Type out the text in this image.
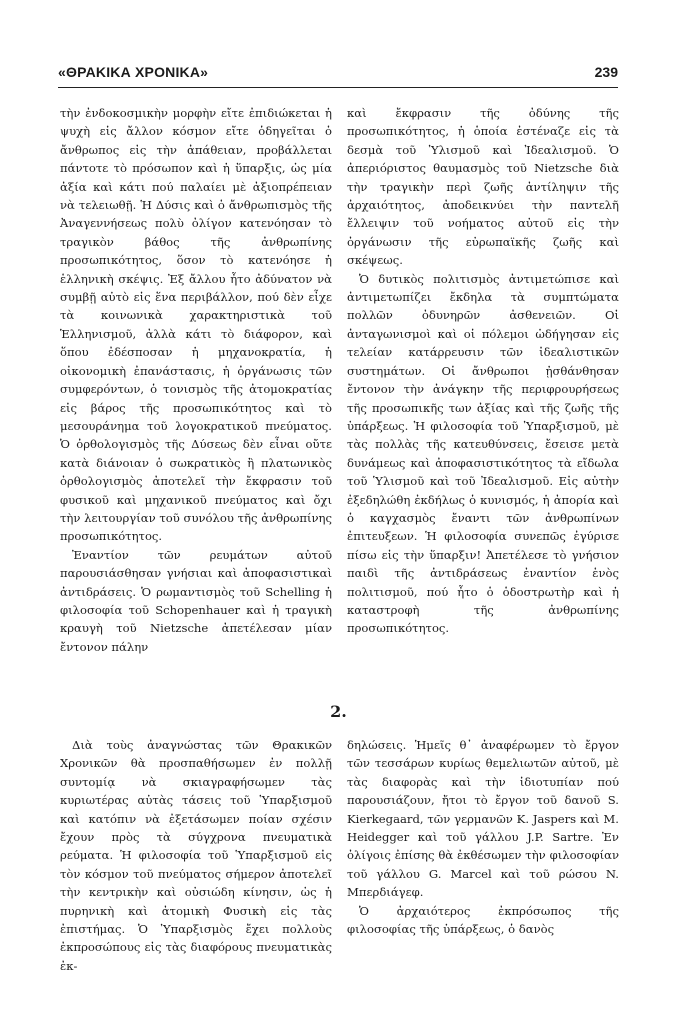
«ΘΡΑΚΙΚΑ ΧΡΟΝΙΚΑ»	239

τὴν ἐνδοκοσμικὴν μορφὴν εἴτε ἐπιδιώκεται ἡ ψυχὴ εἰς ἄλλον κόσμον εἴτε ὁδηγεῖται ὁ ἄνθρωπος εἰς τὴν ἀπάθειαν, προβάλλεται πάντοτε τὸ πρόσωπον καὶ ἡ ὕπαρξις, ὡς μία ἀξία καὶ κάτι πού παλαίει μὲ ἀξιοπρέπειαν νὰ τελειωθῇ. Ἡ Δύσις καὶ ὁ ἄνθρωπισμὸς τῆς Ἀναγεννήσεως πολὺ ὀλίγον κατενόησαν τὸ τραγικὸν βάθος τῆς ἀνθρωπίνης προσωπικότητος, ὅσον τὸ κατενόησε ἡ ἑλληνικὴ σκέψις. Ἐξ ἄλλου ἦτο ἀδύνατον νὰ συμβῇ αὐτὸ εἰς ἕνα περιβάλλον, πού δὲν εἶχε τὰ κοινωνικὰ χαρακτηριστικὰ τοῦ Ἑλληνισμοῦ, ἀλλὰ κάτι τὸ διάφορον, καὶ ὅπου ἐδέσποσαν ἡ μηχανοκρατία, ἡ οἰκονομικὴ ἐπανάστασις, ἡ ὀργάνωσις τῶν συμφερόντων, ὁ τονισμὸς τῆς ἀτομοκρατίας εἰς βάρος τῆς προσωπικότητος καὶ τὸ μεσουράνημα τοῦ λογοκρατικοῦ πνεύματος. Ὁ ὀρθολογισμὸς τῆς Δύσεως δὲν εἶναι οὔτε κατὰ διάνοιαν ὁ σωκρατικὸς ἢ πλατωνικὸς ὀρθολογισμὸς ἀποτελεῖ τὴν ἔκφρασιν τοῦ φυσικοῦ καὶ μηχανικοῦ πνεύματος καὶ ὄχι τὴν λειτουργίαν τοῦ συνόλου τῆς ἀνθρωπίνης προσωπικότητος.

Ἐναντίον τῶν ρευμάτων αὐτοῦ παρουσιάσθησαν γνήσιαι καὶ ἀποφασιστικαὶ ἀντιδράσεις. Ὁ ρωμαντισμὸς τοῦ Schelling ἡ φιλοσοφία τοῦ Schopenhauer καὶ ἡ τραγικὴ κραυγὴ τοῦ Nietzsche ἀπετέλεσαν μίαν ἔντονον πάλην

καὶ ἔκφρασιν τῆς ὀδύνης τῆς προσωπικότητος, ἡ ὁποία ἐστέναζε εἰς τὰ δεσμὰ τοῦ Ὑλισμοῦ καὶ Ἰδεαλισμοῦ. Ὁ ἀπεριόριστος θαυμασμὸς τοῦ Nietzsche διὰ τὴν τραγικὴν περὶ ζωῆς ἀντίληψιν τῆς ἀρχαιότητος, ἀποδεικνύει τὴν παντελῆ ἔλλειψιν τοῦ νοήματος αὐτοῦ εἰς τὴν ὀργάνωσιν τῆς εὐρωπαϊκῆς ζωῆς καὶ σκέψεως.

Ὁ δυτικὸς πολιτισμὸς ἀντιμετώπισε καὶ ἀντιμετωπίζει ἔκδηλα τὰ συμπτώματα πολλῶν ὀδυνηρῶν ἀσθενειῶν. Οἱ ἀνταγωνισμοὶ καὶ οἱ πόλεμοι ὡδήγησαν εἰς τελείαν κατάρρευσιν τῶν ἰδεαλιστικῶν συστημάτων. Οἱ ἄνθρωποι ᾐσθάνθησαν ἔντονον τὴν ἀνάγκην τῆς περιφρουρήσεως τῆς προσωπικῆς των ἀξίας καὶ τῆς ζωῆς τῆς ὑπάρξεως. Ἡ φιλοσοφία τοῦ Ὑπαρξισμοῦ, μὲ τὰς πολλὰς τῆς κατευθύνσεις, ἔσεισε μετὰ δυνάμεως καὶ ἀποφασιστικότητος τὰ εἴδωλα τοῦ Ὑλισμοῦ καὶ τοῦ Ἰδεαλισμοῦ. Εἰς αὐτὴν ἐξεδηλώθη ἐκδήλως ὁ κυνισμός, ἡ ἀπορία καὶ ὁ καγχασμὸς ἔναντι τῶν ἀνθρωπίνων ἐπιτευξεων. Ἡ φιλοσοφία συνεπῶς ἐγύρισε πίσω εἰς τὴν ὕπαρξιν! Ἀπετέλεσε τὸ γνήσιον παιδὶ τῆς ἀντιδράσεως ἐναντίον ἑνὸς πολιτισμοῦ, πού ἦτο ὁ ὁδοστρωτὴρ καὶ ἡ καταστροφὴ τῆς ἀνθρωπίνης προσωπικότητος.

2.

Διὰ τοὺς ἀναγνώστας τῶν Θρακικῶν Χρονικῶν θὰ προσπαθήσωμεν ἐν πολλῇ συντομίᾳ νὰ σκιαγραφήσωμεν τὰς κυριωτέρας αὐτὰς τάσεις τοῦ Ὑπαρξισμοῦ καὶ κατόπιν νὰ ἐξετάσωμεν ποίαν σχέσιν ἔχουν πρὸς τὰ σύγχρονα πνευματικὰ ρεύματα. Ἡ φιλοσοφία τοῦ Ὑπαρξισμοῦ εἰς τὸν κόσμον τοῦ πνεύματος σήμερον ἀποτελεῖ τὴν κεντρικὴν καὶ οὐσιώδη κίνησιν, ὡς ἡ πυρηνικὴ καὶ ἀτομικὴ Φυσικὴ εἰς τὰς ἐπιστήμας. Ὁ Ὑπαρξισμὸς ἔχει πολλοὺς ἐκπροσώπους εἰς τὰς διαφόρους πνευματικὰς ἐκ-

δηλώσεις. Ἡμεῖς θ᾽ ἀναφέρωμεν τὸ ἔργον τῶν τεσσάρων κυρίως θεμελιωτῶν αὐτοῦ, μὲ τὰς διαφορὰς καὶ τὴν ἰδιοτυπίαν πού παρουσιάζουν, ἤτοι τὸ ἔργον τοῦ δανοῦ S. Kierkegaard, τῶν γερμανῶν K. Jaspers καὶ M. Heidegger καὶ τοῦ γάλλου J.P. Sartre. Ἐν ὀλίγοις ἐπίσης θὰ ἐκθέσωμεν τὴν φιλοσοφίαν τοῦ γάλλου G. Marcel καὶ τοῦ ρώσου N. Μπερδιάγεφ.

Ὁ ἀρχαιότερος ἐκπρόσωπος τῆς φιλοσοφίας τῆς ὑπάρξεως, ὁ δανὸς
